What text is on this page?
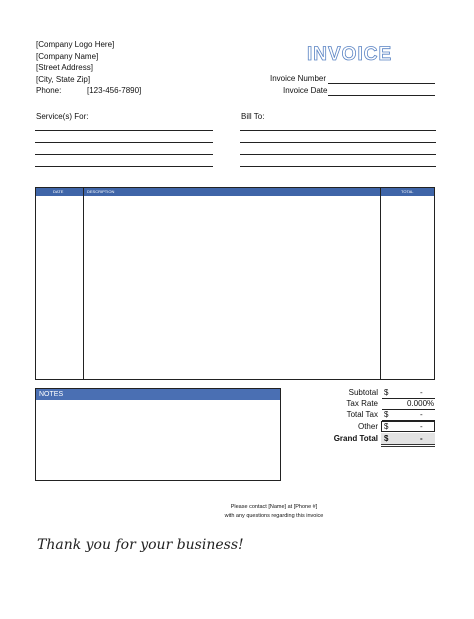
[Company Logo Here]
[Company Name]
[Street Address]
[City, State Zip]
Phone:	[123-456-7890]
INVOICE
Invoice Number
Invoice Date
Service(s) For:	Bill To:
DATE	DESCRIPTION	TOTAL
NOTES	Subtotal $	-
Tax Rate	0.000%
Total Tax $	-
Other $	-
Grand Total $	-
Please contact [Name] at [Phone #]
with any questions regarding this invoice
Thank you for your business!
